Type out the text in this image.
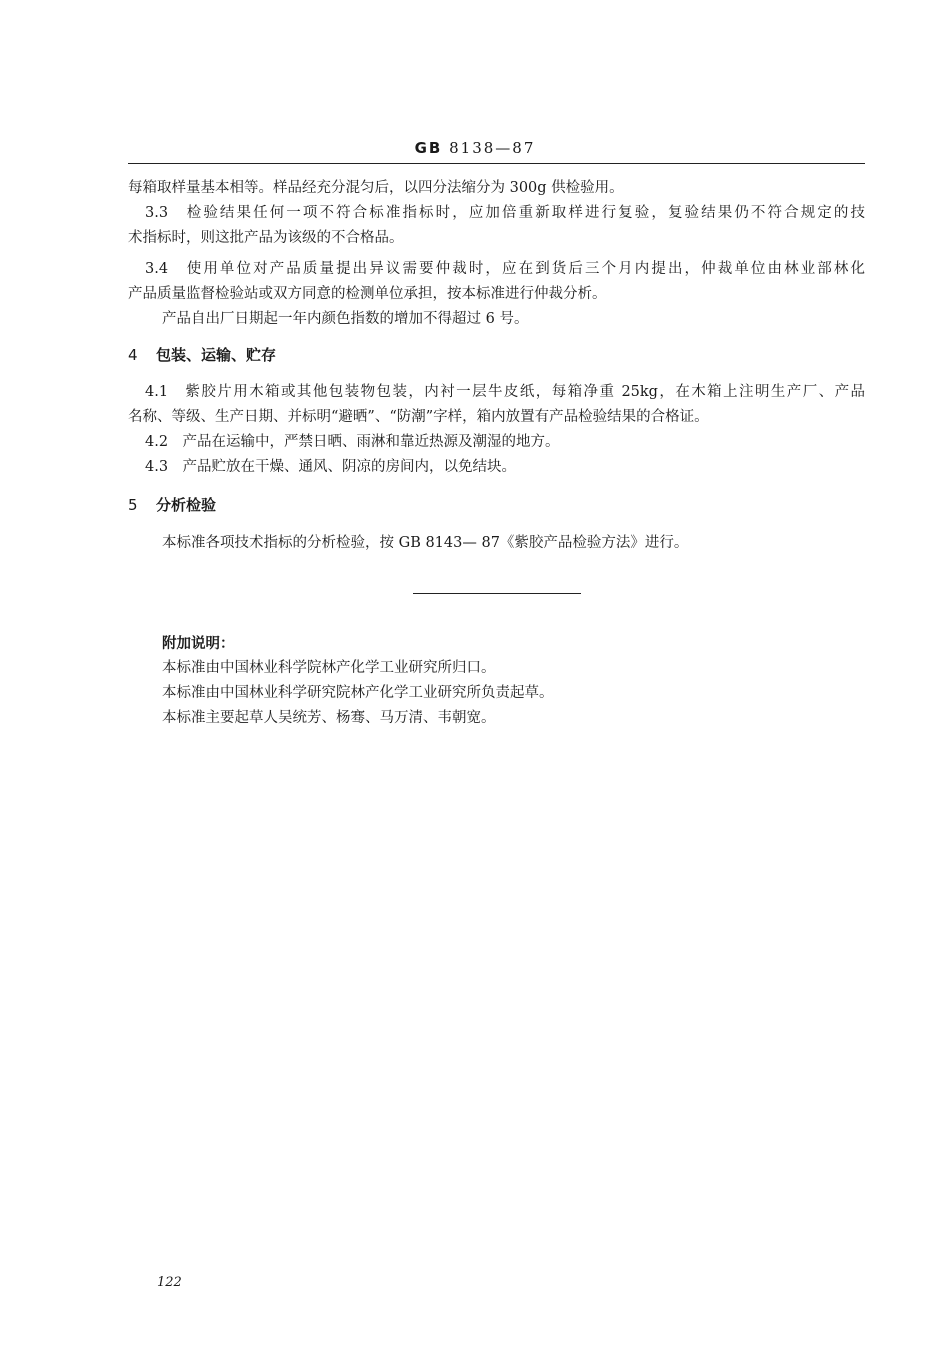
GB 8138—87
每箱取样量基本相等。样品经充分混匀后，以四分法缩分为 300g 供检验用。
3.3　检验结果任何一项不符合标准指标时，应加倍重新取样进行复验，复验结果仍不符合规定的技
术指标时，则这批产品为该级的不合格品。
3.4　使用单位对产品质量提出异议需要仲裁时，应在到货后三个月内提出，仲裁单位由林业部林化
产品质量监督检验站或双方同意的检测单位承担，按本标准进行仲裁分析。
产品自出厂日期起一年内颜色指数的增加不得超过 6 号。
4 包装、运输、贮存
4.1　紫胶片用木箱或其他包装物包装，内衬一层牛皮纸，每箱净重 25kg，在木箱上注明生产厂、产品
名称、等级、生产日期、并标明“避晒”、“防潮”字样，箱内放置有产品检验结果的合格证。
4.2　产品在运输中，严禁日晒、雨淋和靠近热源及潮湿的地方。
4.3　产品贮放在干燥、通风、阴凉的房间内，以免结块。
5 分析检验
本标准各项技术指标的分析检验，按 GB 8143— 87《紫胶产品检验方法》进行。
附加说明：
本标准由中国林业科学院林产化学工业研究所归口。
本标准由中国林业科学研究院林产化学工业研究所负责起草。
本标准主要起草人吴统芳、杨骞、马万清、韦朝宽。
122
